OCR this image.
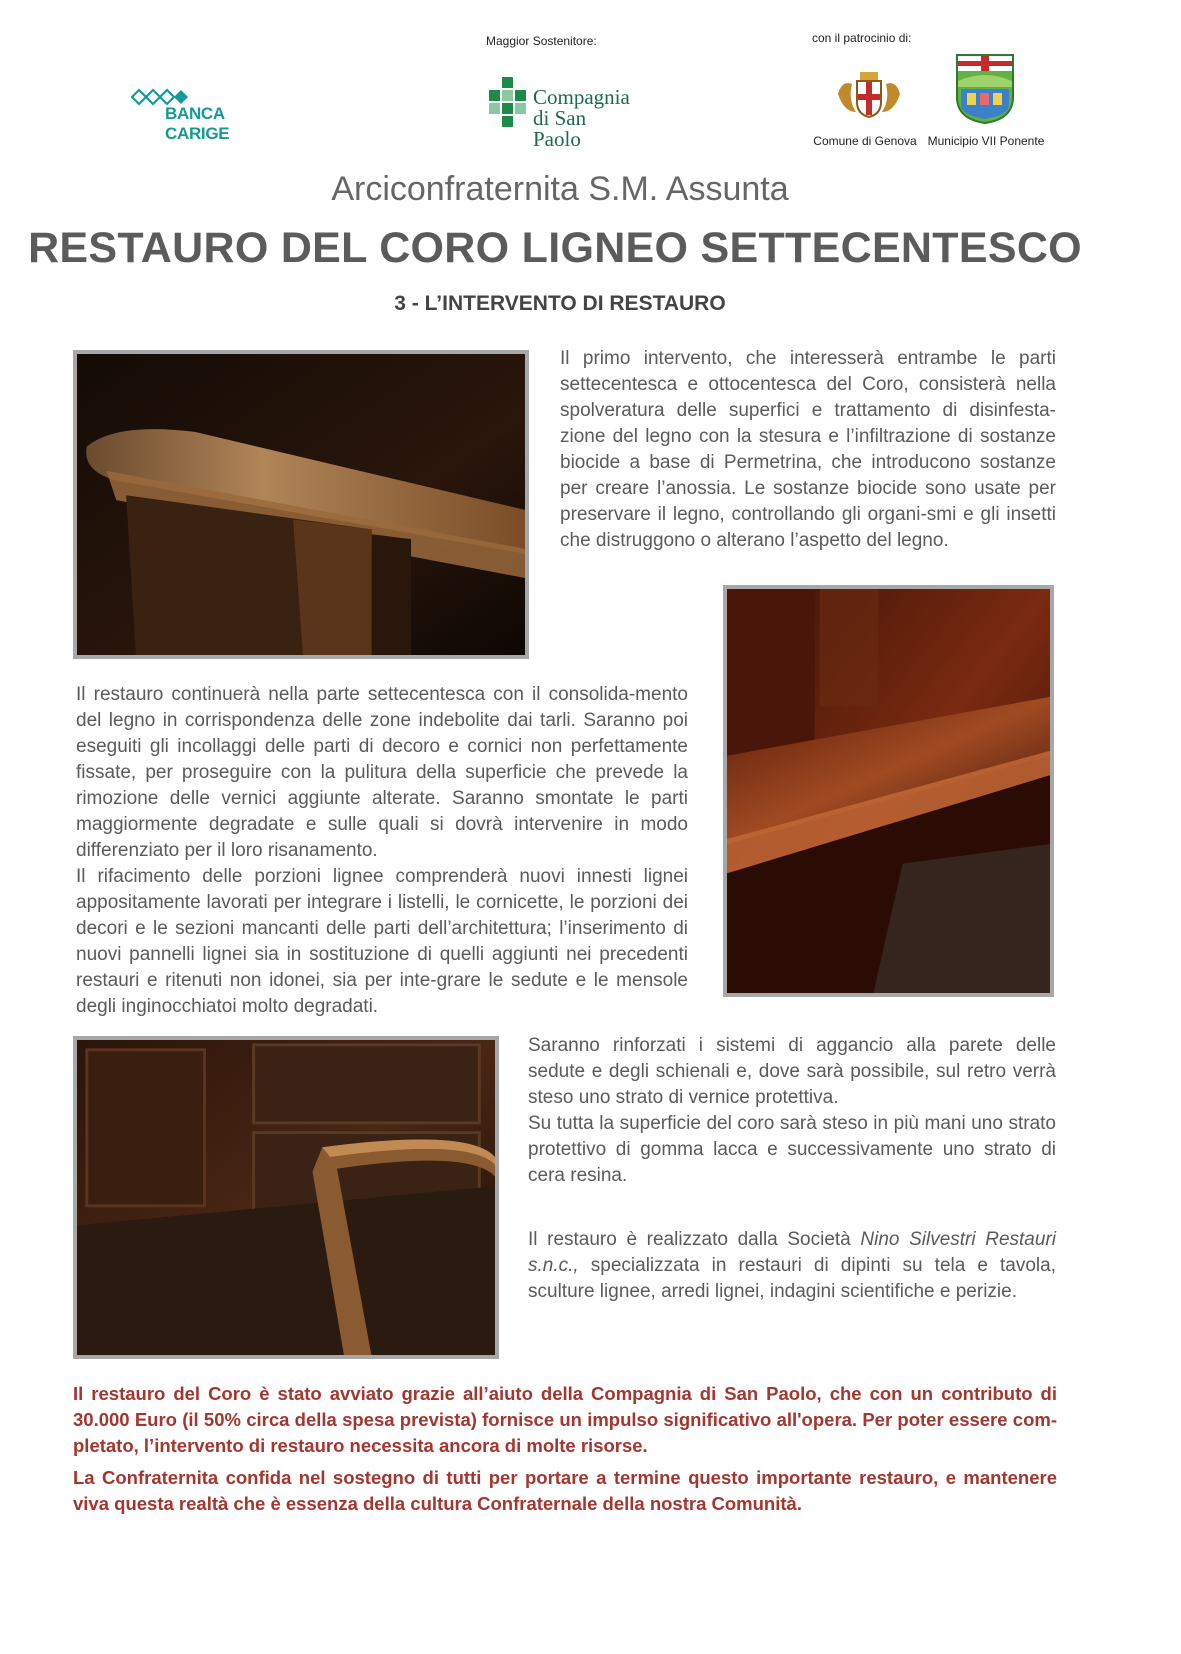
Maggior Sostenitore:	con il patrocinio di:
BANCA CARIGE
Compagnia
di San Paolo	Comune di Genova Municipio VII Ponente
Arciconfraternita S.M. Assunta
RESTAURO DEL CORO LIGNEO SETTECENTESCO
3 - L’INTERVENTO DI RESTAURO

Il primo intervento, che interesserà entrambe le parti settecentesca e ottocentesca del Coro, consisterà nella spolveratura delle superfici e trattamento di disinfesta-zione del legno con la stesura e l’infiltrazione di sostanze biocide a base di Permetrina, che introducono sostanze per creare l’anossia. Le sostanze biocide sono usate per preservare il legno, controllando gli organi-smi e gli insetti che distruggono o alterano l’aspetto del legno.

Il restauro continuerà nella parte settecentesca con il consolida-mento del legno in corrispondenza delle zone indebolite dai tarli. Saranno poi eseguiti gli incollaggi delle parti di decoro e cornici non perfettamente fissate, per proseguire con la pulitura della superficie che prevede la rimozione delle vernici aggiunte alterate. Saranno smontate le parti maggiormente degradate e sulle quali si dovrà intervenire in modo differenziato per il loro risanamento.

Il rifacimento delle porzioni lignee comprenderà nuovi innesti lignei appositamente lavorati per integrare i listelli, le cornicette, le porzioni dei decori e le sezioni mancanti delle parti dell’architettura; l’inserimento di nuovi pannelli lignei sia in sostituzione di quelli aggiunti nei precedenti restauri e ritenuti non idonei, sia per inte-grare le sedute e le mensole degli inginocchiatoi molto degradati.

Saranno rinforzati i sistemi di aggancio alla parete delle sedute e degli schienali e, dove sarà possibile, sul retro verrà steso uno strato di vernice protettiva.

Su tutta la superficie del coro sarà steso in più mani uno strato protettivo di gomma lacca e successivamente uno strato di cera resina.

Il restauro è realizzato dalla Società Nino Silvestri Restauri s.n.c., specializzata in restauri di dipinti su tela e tavola, sculture lignee, arredi lignei, indagini scientifiche e perizie.

Il restauro del Coro è stato avviato grazie all’aiuto della Compagnia di San Paolo, che con un contributo di 30.000 Euro (il 50% circa della spesa prevista) fornisce un impulso significativo all'opera. Per poter essere com-pletato, l’intervento di restauro necessita ancora di molte risorse.

La Confraternita confida nel sostegno di tutti per portare a termine questo importante restauro, e mantenere viva questa realtà che è essenza della cultura Confraternale della nostra Comunità.
